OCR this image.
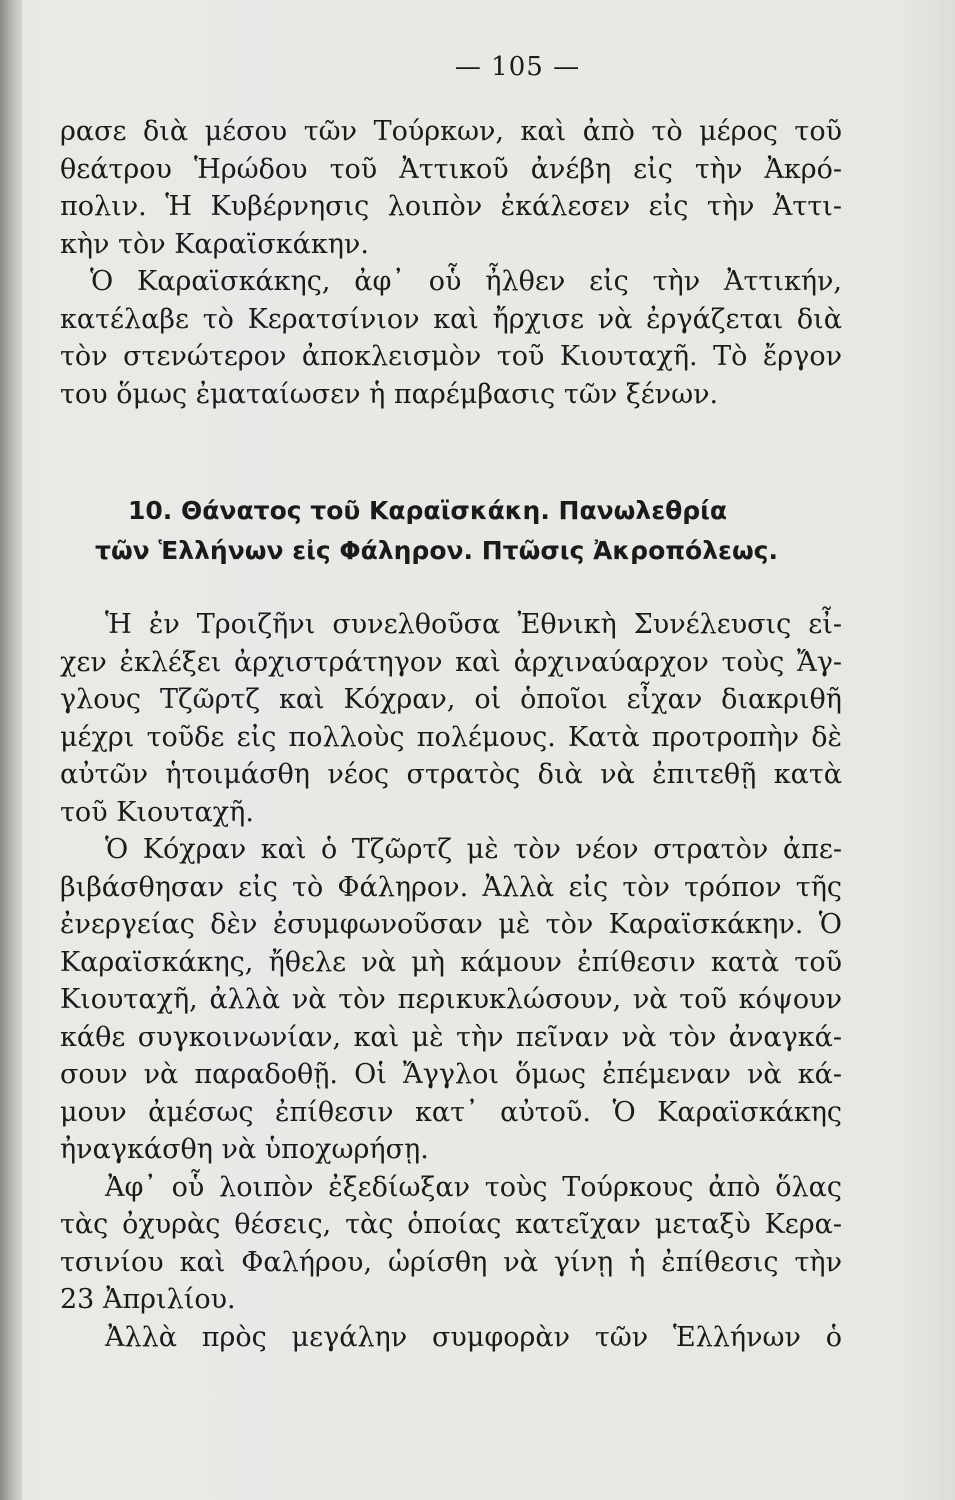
— 105 —
ρασε διὰ μέσου τῶν Τούρκων, καὶ ἀπὸ τὸ μέρος τοῦ
θεάτρου Ἡρώδου τοῦ Ἀττικοῦ ἀνέβη εἰς τὴν Ἀκρό-
πολιν. Ἡ Κυβέρνησις λοιπὸν ἐκάλεσεν εἰς τὴν Ἀττι-
κὴν τὸν Καραϊσκάκην.
Ὁ Καραϊσκάκης, ἀφ᾽ οὗ ἦλθεν εἰς τὴν Ἀττικήν,
κατέλαβε τὸ Κερατσίνιον καὶ ἤρχισε νὰ ἐργάζεται διὰ
τὸν στενώτερον ἀποκλεισμὸν τοῦ Κιουταχῆ. Τὸ ἔργον
του ὅμως ἐματαίωσεν ἡ παρέμβασις τῶν ξένων.
10. Θάνατος τοῦ Καραϊσκάκη. Πανωλεθρία
τῶν Ἑλλήνων εἰς Φάληρον. Πτῶσις Ἀκροπόλεως.
Ἡ ἐν Τροιζῆνι συνελθοῦσα Ἐθνικὴ Συνέλευσις εἶ-
χεν ἐκλέξει ἀρχιστράτηγον καὶ ἀρχιναύαρχον τοὺς Ἄγ-
γλους Τζῶρτζ καὶ Κόχραν, οἱ ὁποῖοι εἶχαν διακριθῆ
μέχρι τοῦδε εἰς πολλοὺς πολέμους. Κατὰ προτροπὴν δὲ
αὐτῶν ἡτοιμάσθη νέος στρατὸς διὰ νὰ ἐπιτεθῇ κατὰ
τοῦ Κιουταχῆ.
Ὁ Κόχραν καὶ ὁ Τζῶρτζ μὲ τὸν νέον στρατὸν ἀπε-
βιβάσθησαν εἰς τὸ Φάληρον. Ἀλλὰ εἰς τὸν τρόπον τῆς
ἐνεργείας δὲν ἐσυμφωνοῦσαν μὲ τὸν Καραϊσκάκην. Ὁ
Καραϊσκάκης, ἤθελε νὰ μὴ κάμουν ἐπίθεσιν κατὰ τοῦ
Κιουταχῆ, ἀλλὰ νὰ τὸν περικυκλώσουν, νὰ τοῦ κόψουν
κάθε συγκοινωνίαν, καὶ μὲ τὴν πεῖναν νὰ τὸν ἀναγκά-
σουν νὰ παραδοθῇ. Οἱ Ἄγγλοι ὅμως ἐπέμεναν νὰ κά-
μουν ἀμέσως ἐπίθεσιν κατ᾽ αὐτοῦ. Ὁ Καραϊσκάκης
ἠναγκάσθη νὰ ὑποχωρήσῃ.
Ἀφ᾽ οὗ λοιπὸν ἐξεδίωξαν τοὺς Τούρκους ἀπὸ ὅλας
τὰς ὀχυρὰς θέσεις, τὰς ὁποίας κατεῖχαν μεταξὺ Κερα-
τσινίου καὶ Φαλήρου, ὡρίσθη νὰ γίνῃ ἡ ἐπίθεσις τὴν
23 Ἀπριλίου.
Ἀλλὰ πρὸς μεγάλην συμφορὰν τῶν Ἑλλήνων ὁ
